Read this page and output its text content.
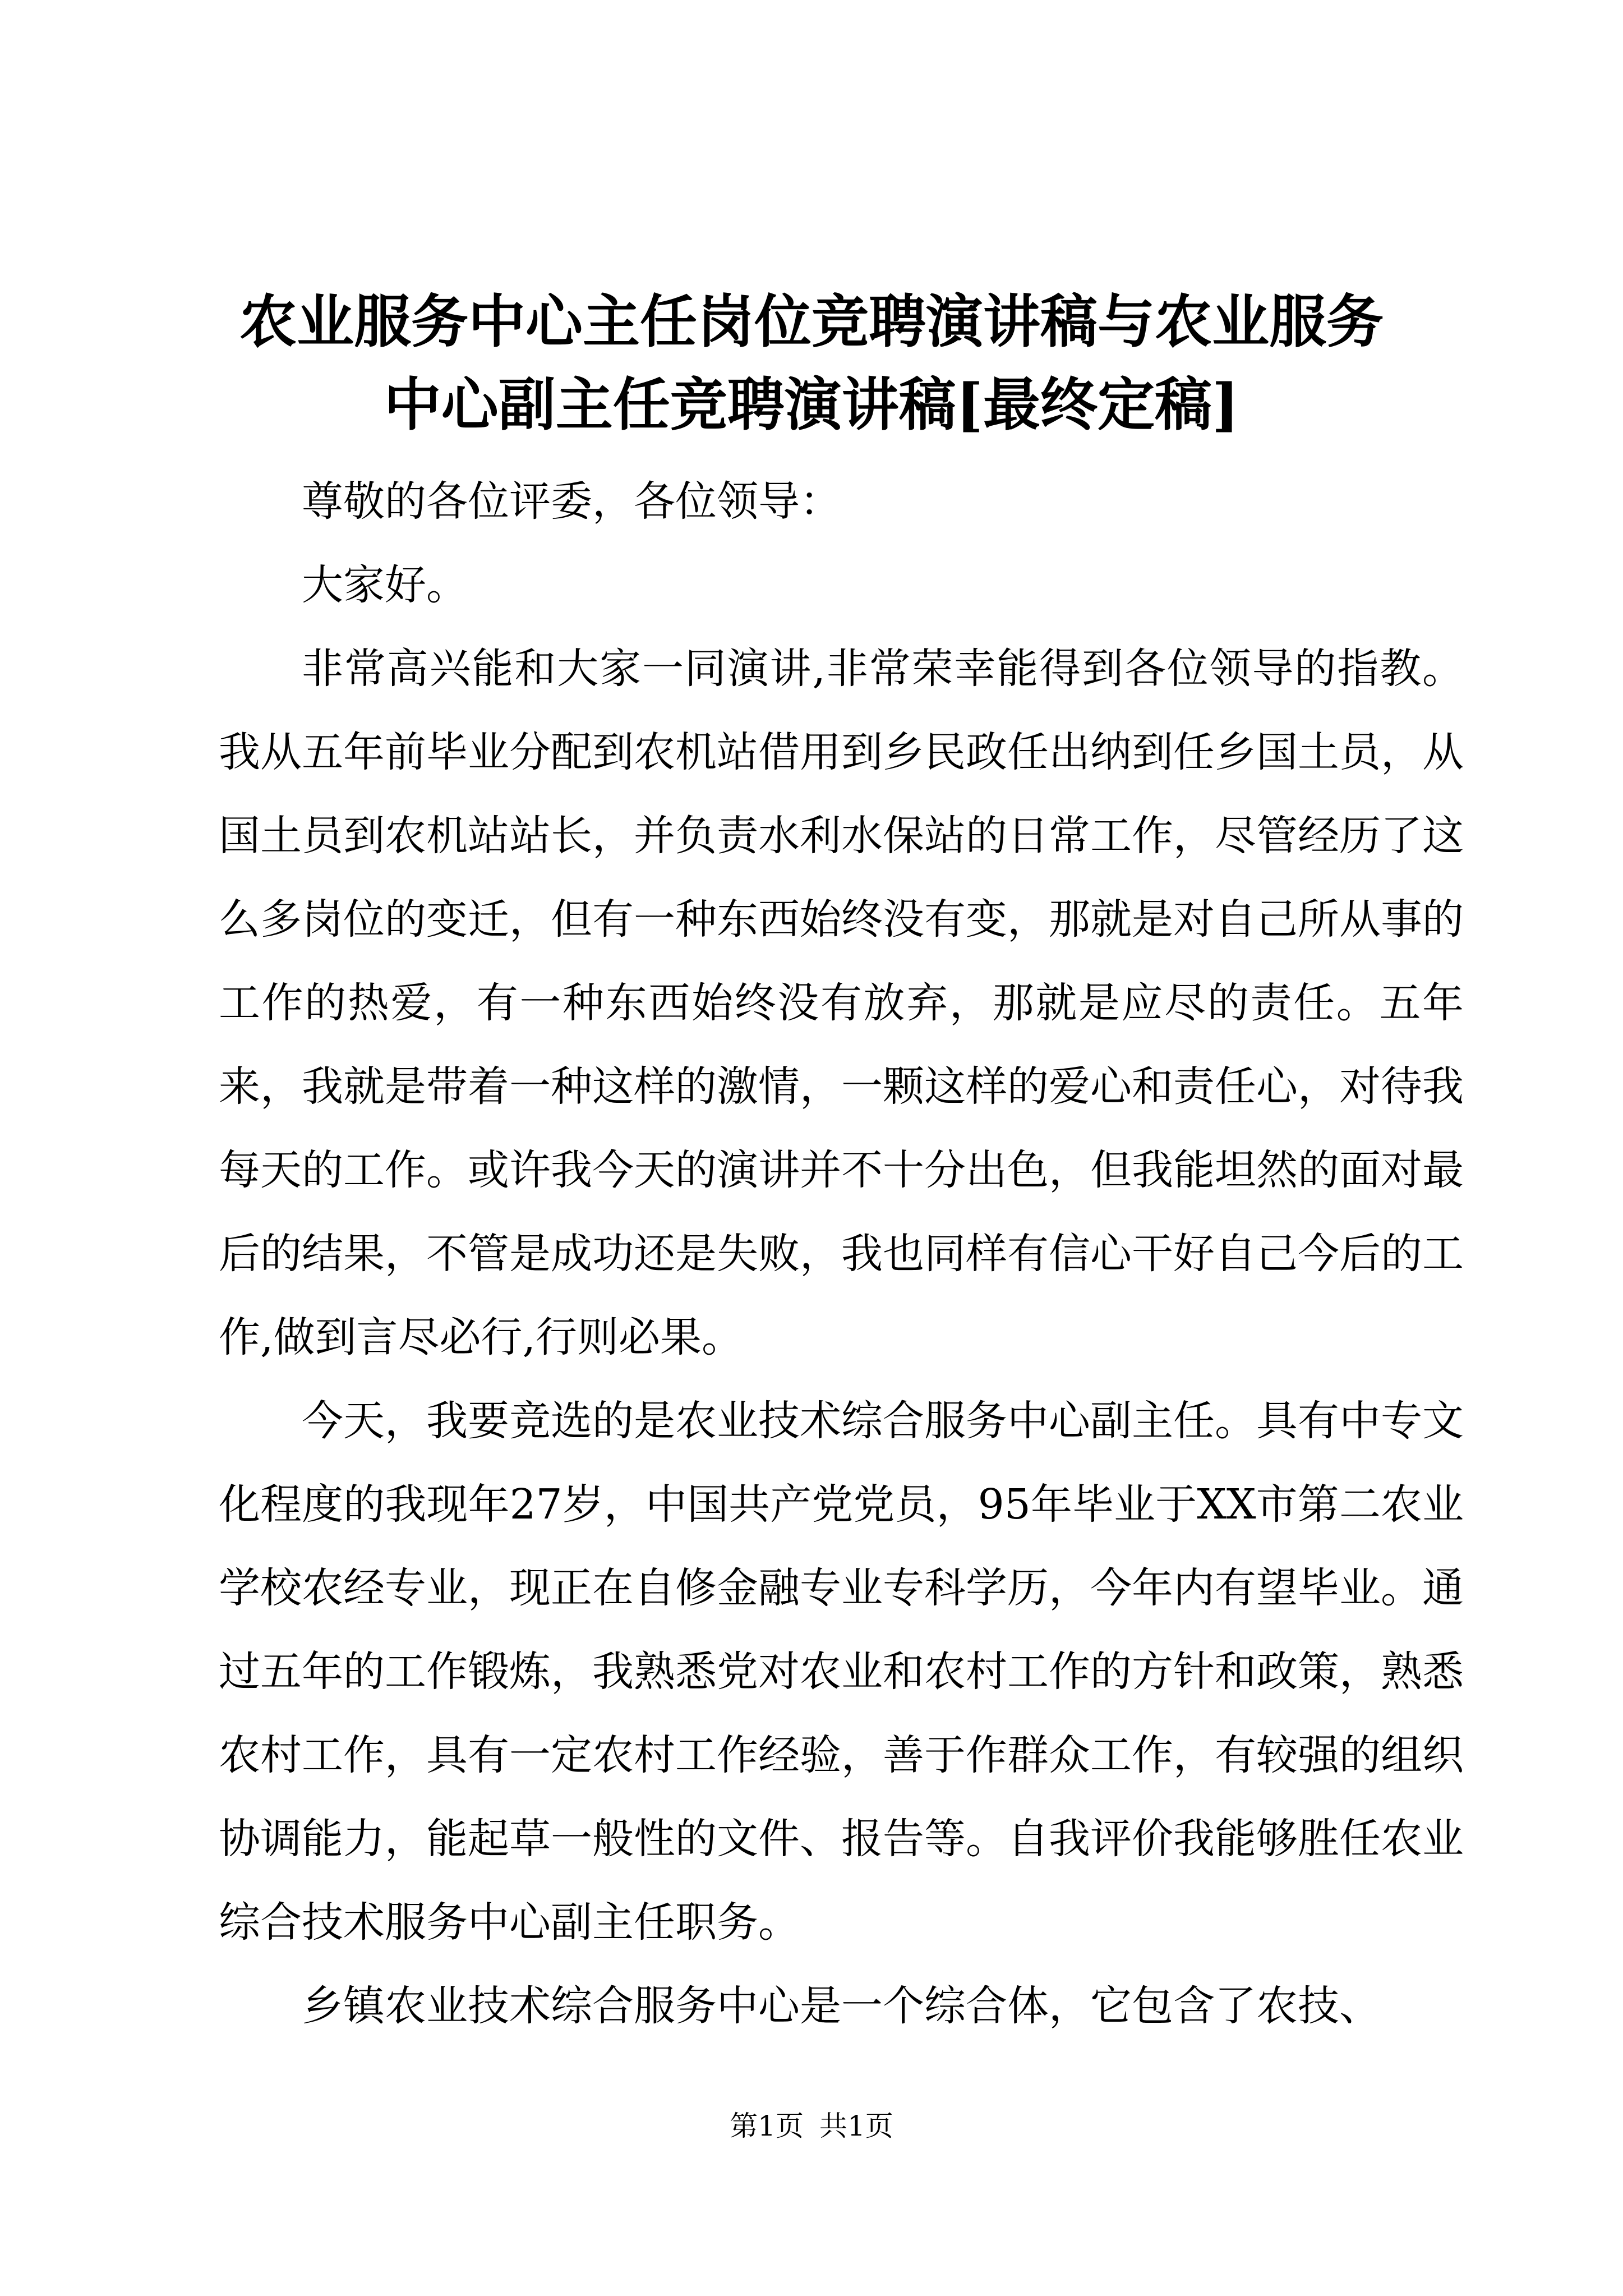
农业服务中心主任岗位竞聘演讲稿与农业服务
中心副主任竞聘演讲稿[最终定稿]

尊敬的各位评委，各位领导：

大家好。

非常高兴能和大家一同演讲,非常荣幸能得到各位领导的指教。我从五年前毕业分配到农机站借用到乡民政任出纳到任乡国土员，从国土员到农机站站长，并负责水利水保站的日常工作，尽管经历了这么多岗位的变迁，但有一种东西始终没有变，那就是对自己所从事的工作的热爱，有一种东西始终没有放弃，那就是应尽的责任。五年来，我就是带着一种这样的激情，一颗这样的爱心和责任心，对待我每天的工作。或许我今天的演讲并不十分出色，但我能坦然的面对最后的结果，不管是成功还是失败，我也同样有信心干好自己今后的工作,做到言尽必行,行则必果。

今天，我要竞选的是农业技术综合服务中心副主任。具有中专文化程度的我现年27岁，中国共产党党员，95年毕业于XX市第二农业学校农经专业，现正在自修金融专业专科学历，今年内有望毕业。通过五年的工作锻炼，我熟悉党对农业和农村工作的方针和政策，熟悉农村工作，具有一定农村工作经验，善于作群众工作，有较强的组织协调能力，能起草一般性的文件、报告等。自我评价我能够胜任农业综合技术服务中心副主任职务。

乡镇农业技术综合服务中心是一个综合体，它包含了农技、

第1页 共1页
